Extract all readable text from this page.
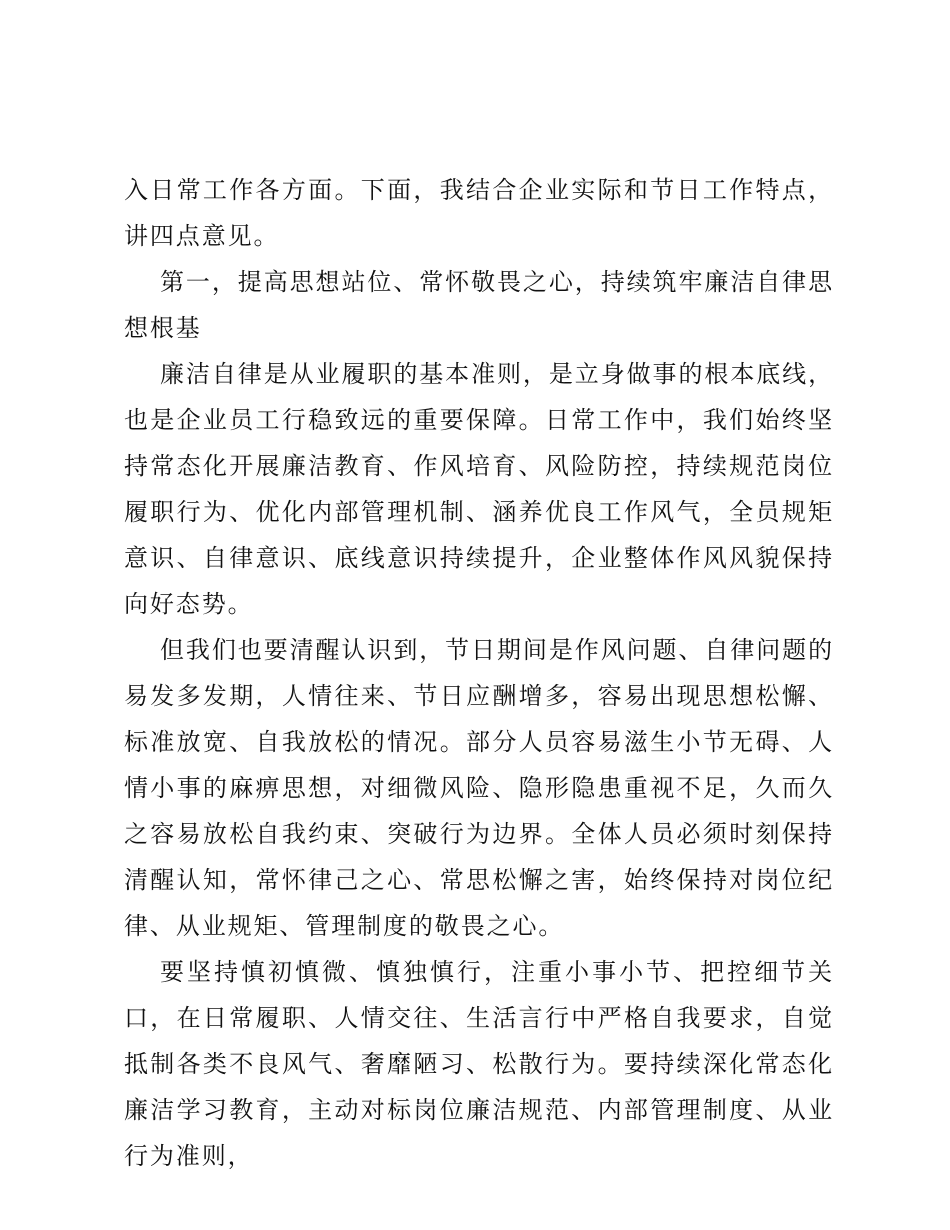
入日常工作各方面。下面，我结合企业实际和节日工作特点，讲四点意见。

第一，提高思想站位、常怀敬畏之心，持续筑牢廉洁自律思想根基

廉洁自律是从业履职的基本准则，是立身做事的根本底线，也是企业员工行稳致远的重要保障。日常工作中，我们始终坚持常态化开展廉洁教育、作风培育、风险防控，持续规范岗位履职行为、优化内部管理机制、涵养优良工作风气，全员规矩意识、自律意识、底线意识持续提升，企业整体作风风貌保持向好态势。

但我们也要清醒认识到，节日期间是作风问题、自律问题的易发多发期，人情往来、节日应酬增多，容易出现思想松懈、标准放宽、自我放松的情况。部分人员容易滋生小节无碍、人情小事的麻痹思想，对细微风险、隐形隐患重视不足，久而久之容易放松自我约束、突破行为边界。全体人员必须时刻保持清醒认知，常怀律己之心、常思松懈之害，始终保持对岗位纪律、从业规矩、管理制度的敬畏之心。

要坚持慎初慎微、慎独慎行，注重小事小节、把控细节关口，在日常履职、人情交往、生活言行中严格自我要求，自觉抵制各类不良风气、奢靡陋习、松散行为。要持续深化常态化廉洁学习教育，主动对标岗位廉洁规范、内部管理制度、从业行为准则，
